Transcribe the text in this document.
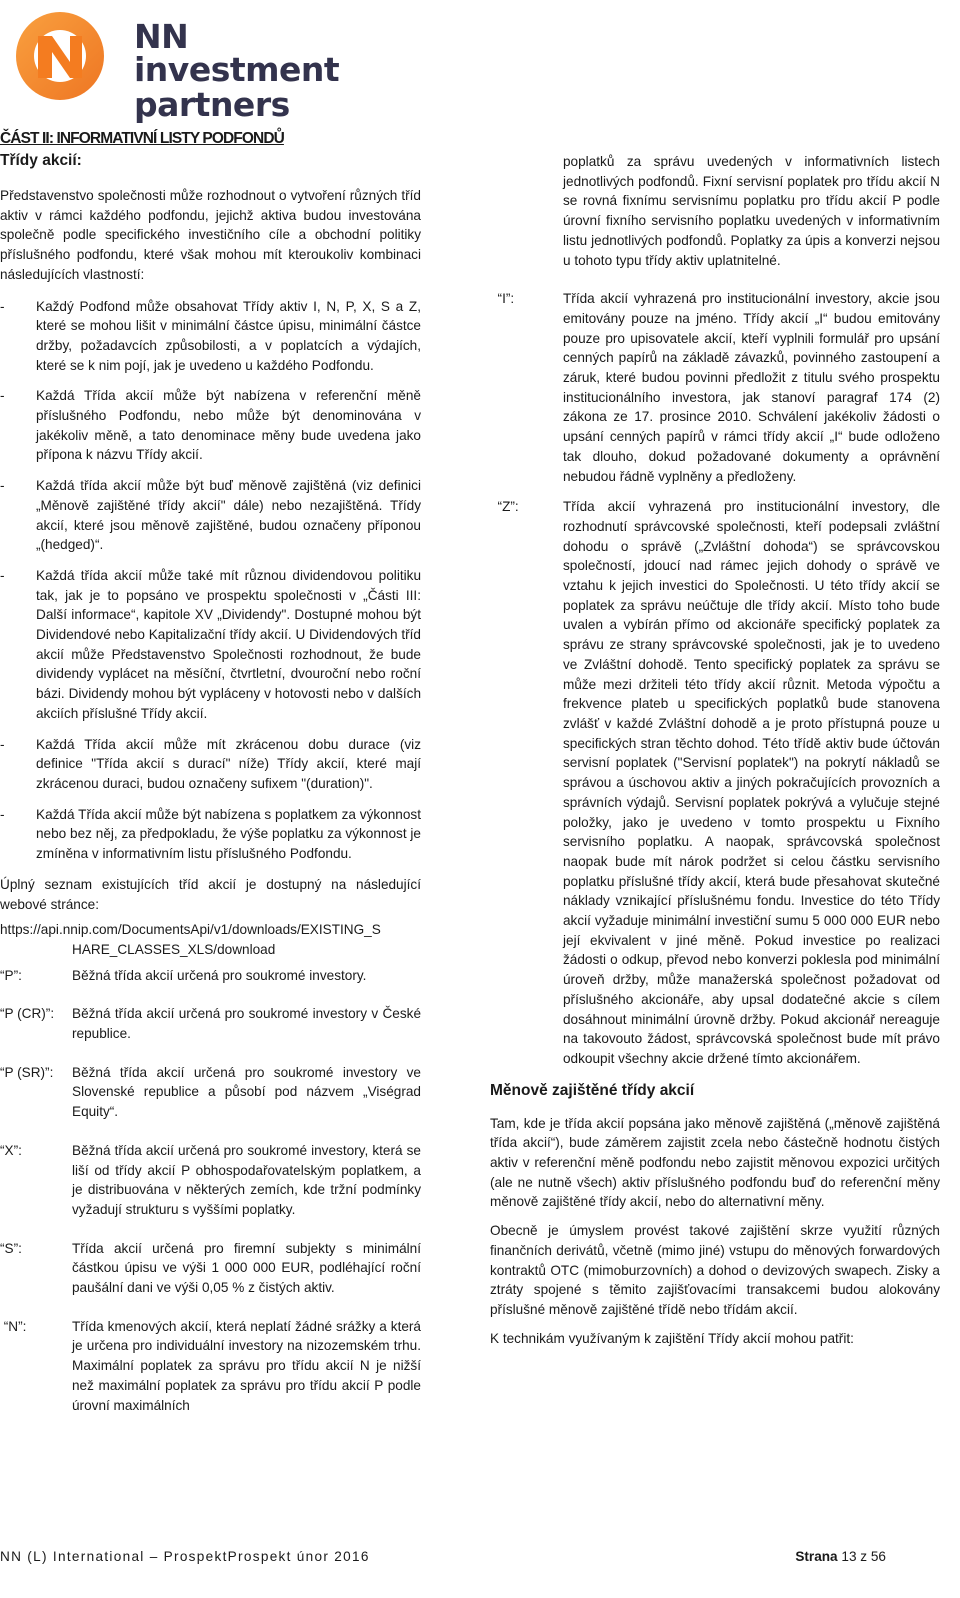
NN investment
partners
ČÁST II: INFORMATIVNÍ LISTY PODFONDŮ
Třídy akcií:

Představenstvo společnosti může rozhodnout o vytvoření různých tříd aktiv v rámci každého podfondu, jejichž aktiva budou investována společně podle specifického investičního cíle a obchodní politiky příslušného podfondu, které však mohou mít kteroukoliv kombinaci následujících vlastností:

- Každý Podfond může obsahovat Třídy aktiv I, N, P, X, S a Z, které se mohou lišit v minimální částce úpisu, minimální částce držby, požadavcích způsobilosti, a v poplatcích a výdajích, které se k nim pojí, jak je uvedeno u každého Podfondu.
- Každá Třída akcií může být nabízena v referenční měně příslušného Podfondu, nebo může být denominována v jakékoliv měně, a tato denominace měny bude uvedena jako přípona k názvu Třídy akcií.
- Každá třída akcií může být buď měnově zajištěná (viz definici „Měnově zajištěné třídy akcií" dále) nebo nezajištěná. Třídy akcií, které jsou měnově zajištěné, budou označeny příponou „(hedged)“.
- Každá třída akcií může také mít různou dividendovou politiku tak, jak je to popsáno ve prospektu společnosti v „Části III: Další informace“, kapitole XV „Dividendy". Dostupné mohou být Dividendové nebo Kapitalizační třídy akcií. U Dividendových tříd akcií může Představenstvo Společnosti rozhodnout, že bude dividendy vyplácet na měsíční, čtvrtletní, dvouroční nebo roční bázi. Dividendy mohou být vypláceny v hotovosti nebo v dalších akciích příslušné Třídy akcií.
- Každá Třída akcií může mít zkrácenou dobu durace (viz definice "Třída akcií s durací" níže) Třídy akcií, které mají zkrácenou duraci, budou označeny sufixem "(duration)".
- Každá Třída akcií může být nabízena s poplatkem za výkonnost nebo bez něj, za předpokladu, že výše poplatku za výkonnost je zmíněna v informativním listu příslušného Podfondu.

Úplný seznam existujících tříd akcií je dostupný na následující webové stránce:

https://api.nnip.com/DocumentsApi/v1/downloads/EXISTING_S
HARE_CLASSES_XLS/download

“P”:	Běžná třída akcií určená pro soukromé investory.
“P (CR)”:	Běžná třída akcií určená pro soukromé investory v České republice.
“P (SR)”:	Běžná třída akcií určená pro soukromé investory ve Slovenské republice a působí pod názvem „Viségrad Equity“.
“X”:	Běžná třída akcií určená pro soukromé investory, která se liší od třídy akcií P obhospodařovatelským poplatkem, a je distribuována v některých zemích, kde tržní podmínky vyžadují strukturu s vyššími poplatky.
“S”:	Třída akcií určená pro firemní subjekty s minimální částkou úpisu ve výši 1 000 000 EUR, podléhající roční paušální dani ve výši 0,05 % z čistých aktiv.
“N”:	Třída kmenových akcií, která neplatí žádné srážky a která je určena pro individuální investory na nizozemském trhu. Maximální poplatek za správu pro třídu akcií N je nižší než maximální poplatek za správu pro třídu akcií P podle úrovní maximálních

poplatků za správu uvedených v informativních listech jednotlivých podfondů. Fixní servisní poplatek pro třídu akcií N se rovná fixnímu servisnímu poplatku pro třídu akcií P podle úrovní fixního servisního poplatku uvedených v informativním listu jednotlivých podfondů. Poplatky za úpis a konverzi nejsou u tohoto typu třídy aktiv uplatnitelné.

“I”:	Třída akcií vyhrazená pro institucionální investory, akcie jsou emitovány pouze na jméno. Třídy akcií „I“ budou emitovány pouze pro upisovatele akcií, kteří vyplnili formulář pro upsání cenných papírů na základě závazků, povinného zastoupení a záruk, které budou povinni předložit z titulu svého prospektu institucionálního investora, jak stanoví paragraf 174 (2) zákona ze 17. prosince 2010. Schválení jakékoliv žádosti o upsání cenných papírů v rámci třídy akcií „I“ bude odloženo tak dlouho, dokud požadované dokumenty a oprávnění nebudou řádně vyplněny a předloženy.
“Z”:	Třída akcií vyhrazená pro institucionální investory, dle rozhodnutí správcovské společnosti, kteří podepsali zvláštní dohodu o správě („Zvláštní dohoda“) se správcovskou společností, jdoucí nad rámec jejich dohody o správě ve vztahu k jejich investici do Společnosti. U této třídy akcií se poplatek za správu neúčtuje dle třídy akcií. Místo toho bude uvalen a vybírán přímo od akcionáře specifický poplatek za správu ze strany správcovské společnosti, jak je to uvedeno ve Zvláštní dohodě. Tento specifický poplatek za správu se může mezi držiteli této třídy akcií různit. Metoda výpočtu a frekvence plateb u specifických poplatků bude stanovena zvlášť v každé Zvláštní dohodě a je proto přístupná pouze u specifických stran těchto dohod. Této třídě aktiv bude účtován servisní poplatek ("Servisní poplatek") na pokrytí nákladů se správou a úschovou aktiv a jiných pokračujících provozních a správních výdajů. Servisní poplatek pokrývá a vylučuje stejné položky, jako je uvedeno v tomto prospektu u Fixního servisního poplatku. A naopak, správcovská společnost naopak bude mít nárok podržet si celou částku servisního poplatku příslušné třídy akcií, která bude přesahovat skutečné náklady vznikající příslušnému fondu. Investice do této Třídy akcií vyžaduje minimální investiční sumu 5 000 000 EUR nebo její ekvivalent v jiné měně. Pokud investice po realizaci žádosti o odkup, převod nebo konverzi poklesla pod minimální úroveň držby, může manažerská společnost požadovat od příslušného akcionáře, aby upsal dodatečné akcie s cílem dosáhnout minimální úrovně držby. Pokud akcionář nereaguje na takovouto žádost, správcovská společnost bude mít právo odkoupit všechny akcie držené tímto akcionářem.
Měnově zajištěné třídy akcií

Tam, kde je třída akcií popsána jako měnově zajištěná („měnově zajištěná třída akcií“), bude záměrem zajistit zcela nebo částečně hodnotu čistých aktiv v referenční měně podfondu nebo zajistit měnovou expozici určitých (ale ne nutně všech) aktiv příslušného podfondu buď do referenční měny měnově zajištěné třídy akcií, nebo do alternativní měny.

Obecně je úmyslem provést takové zajištění skrze využití různých finančních derivátů, včetně (mimo jiné) vstupu do měnových forwardových kontraktů OTC (mimoburzovních) a dohod o devizových swapech. Zisky a ztráty spojené s těmito zajišťovacími transakcemi budou alokovány příslušné měnově zajištěné třídě nebo třídám akcií.

K technikám využívaným k zajištění Třídy akcií mohou patřit:

NN (L) International – ProspektProspekt únor 2016	Strana 13 z 56
